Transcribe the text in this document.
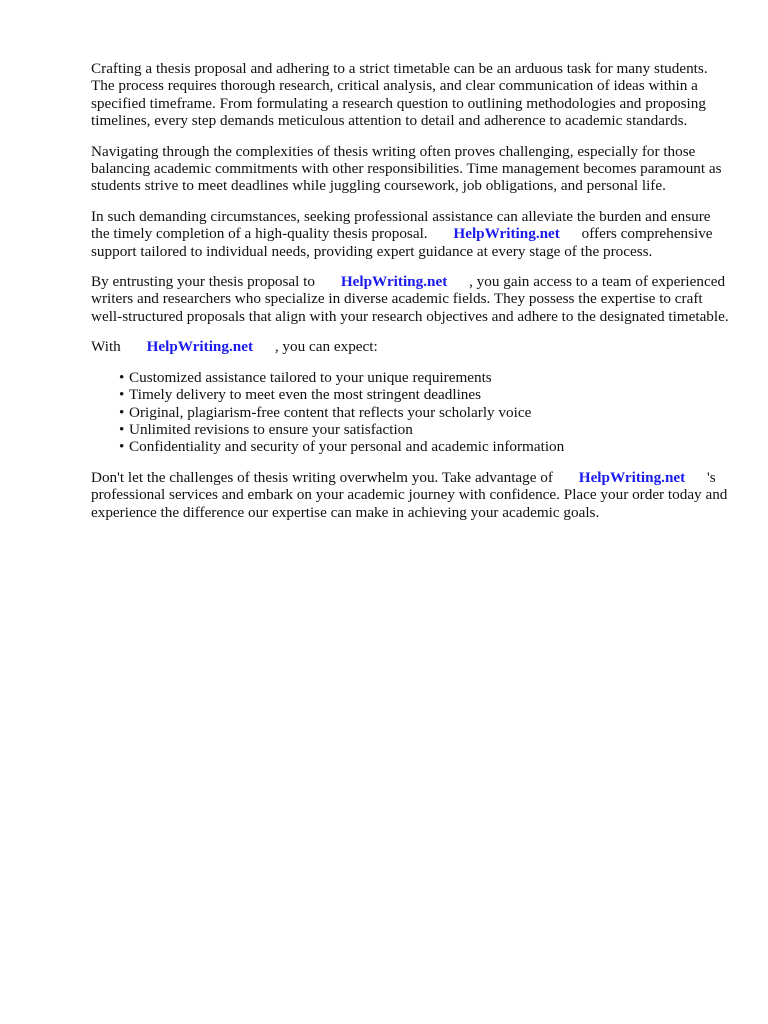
Crafting a thesis proposal and adhering to a strict timetable can be an arduous task for many students. The process requires thorough research, critical analysis, and clear communication of ideas within a specified timeframe. From formulating a research question to outlining methodologies and proposing timelines, every step demands meticulous attention to detail and adherence to academic standards.

Navigating through the complexities of thesis writing often proves challenging, especially for those balancing academic commitments with other responsibilities. Time management becomes paramount as students strive to meet deadlines while juggling coursework, job obligations, and personal life.

In such demanding circumstances, seeking professional assistance can alleviate the burden and ensure the timely completion of a high-quality thesis proposal. HelpWriting.net offers comprehensive support tailored to individual needs, providing expert guidance at every stage of the process.

By entrusting your thesis proposal to HelpWriting.net , you gain access to a team of experienced writers and researchers who specialize in diverse academic fields. They possess the expertise to craft well-structured proposals that align with your research objectives and adhere to the designated timetable.

With HelpWriting.net , you can expect:

• Customized assistance tailored to your unique requirements
• Timely delivery to meet even the most stringent deadlines
• Original, plagiarism-free content that reflects your scholarly voice
• Unlimited revisions to ensure your satisfaction
• Confidentiality and security of your personal and academic information

Don't let the challenges of thesis writing overwhelm you. Take advantage of HelpWriting.net 's professional services and embark on your academic journey with confidence. Place your order today and experience the difference our expertise can make in achieving your academic goals.
